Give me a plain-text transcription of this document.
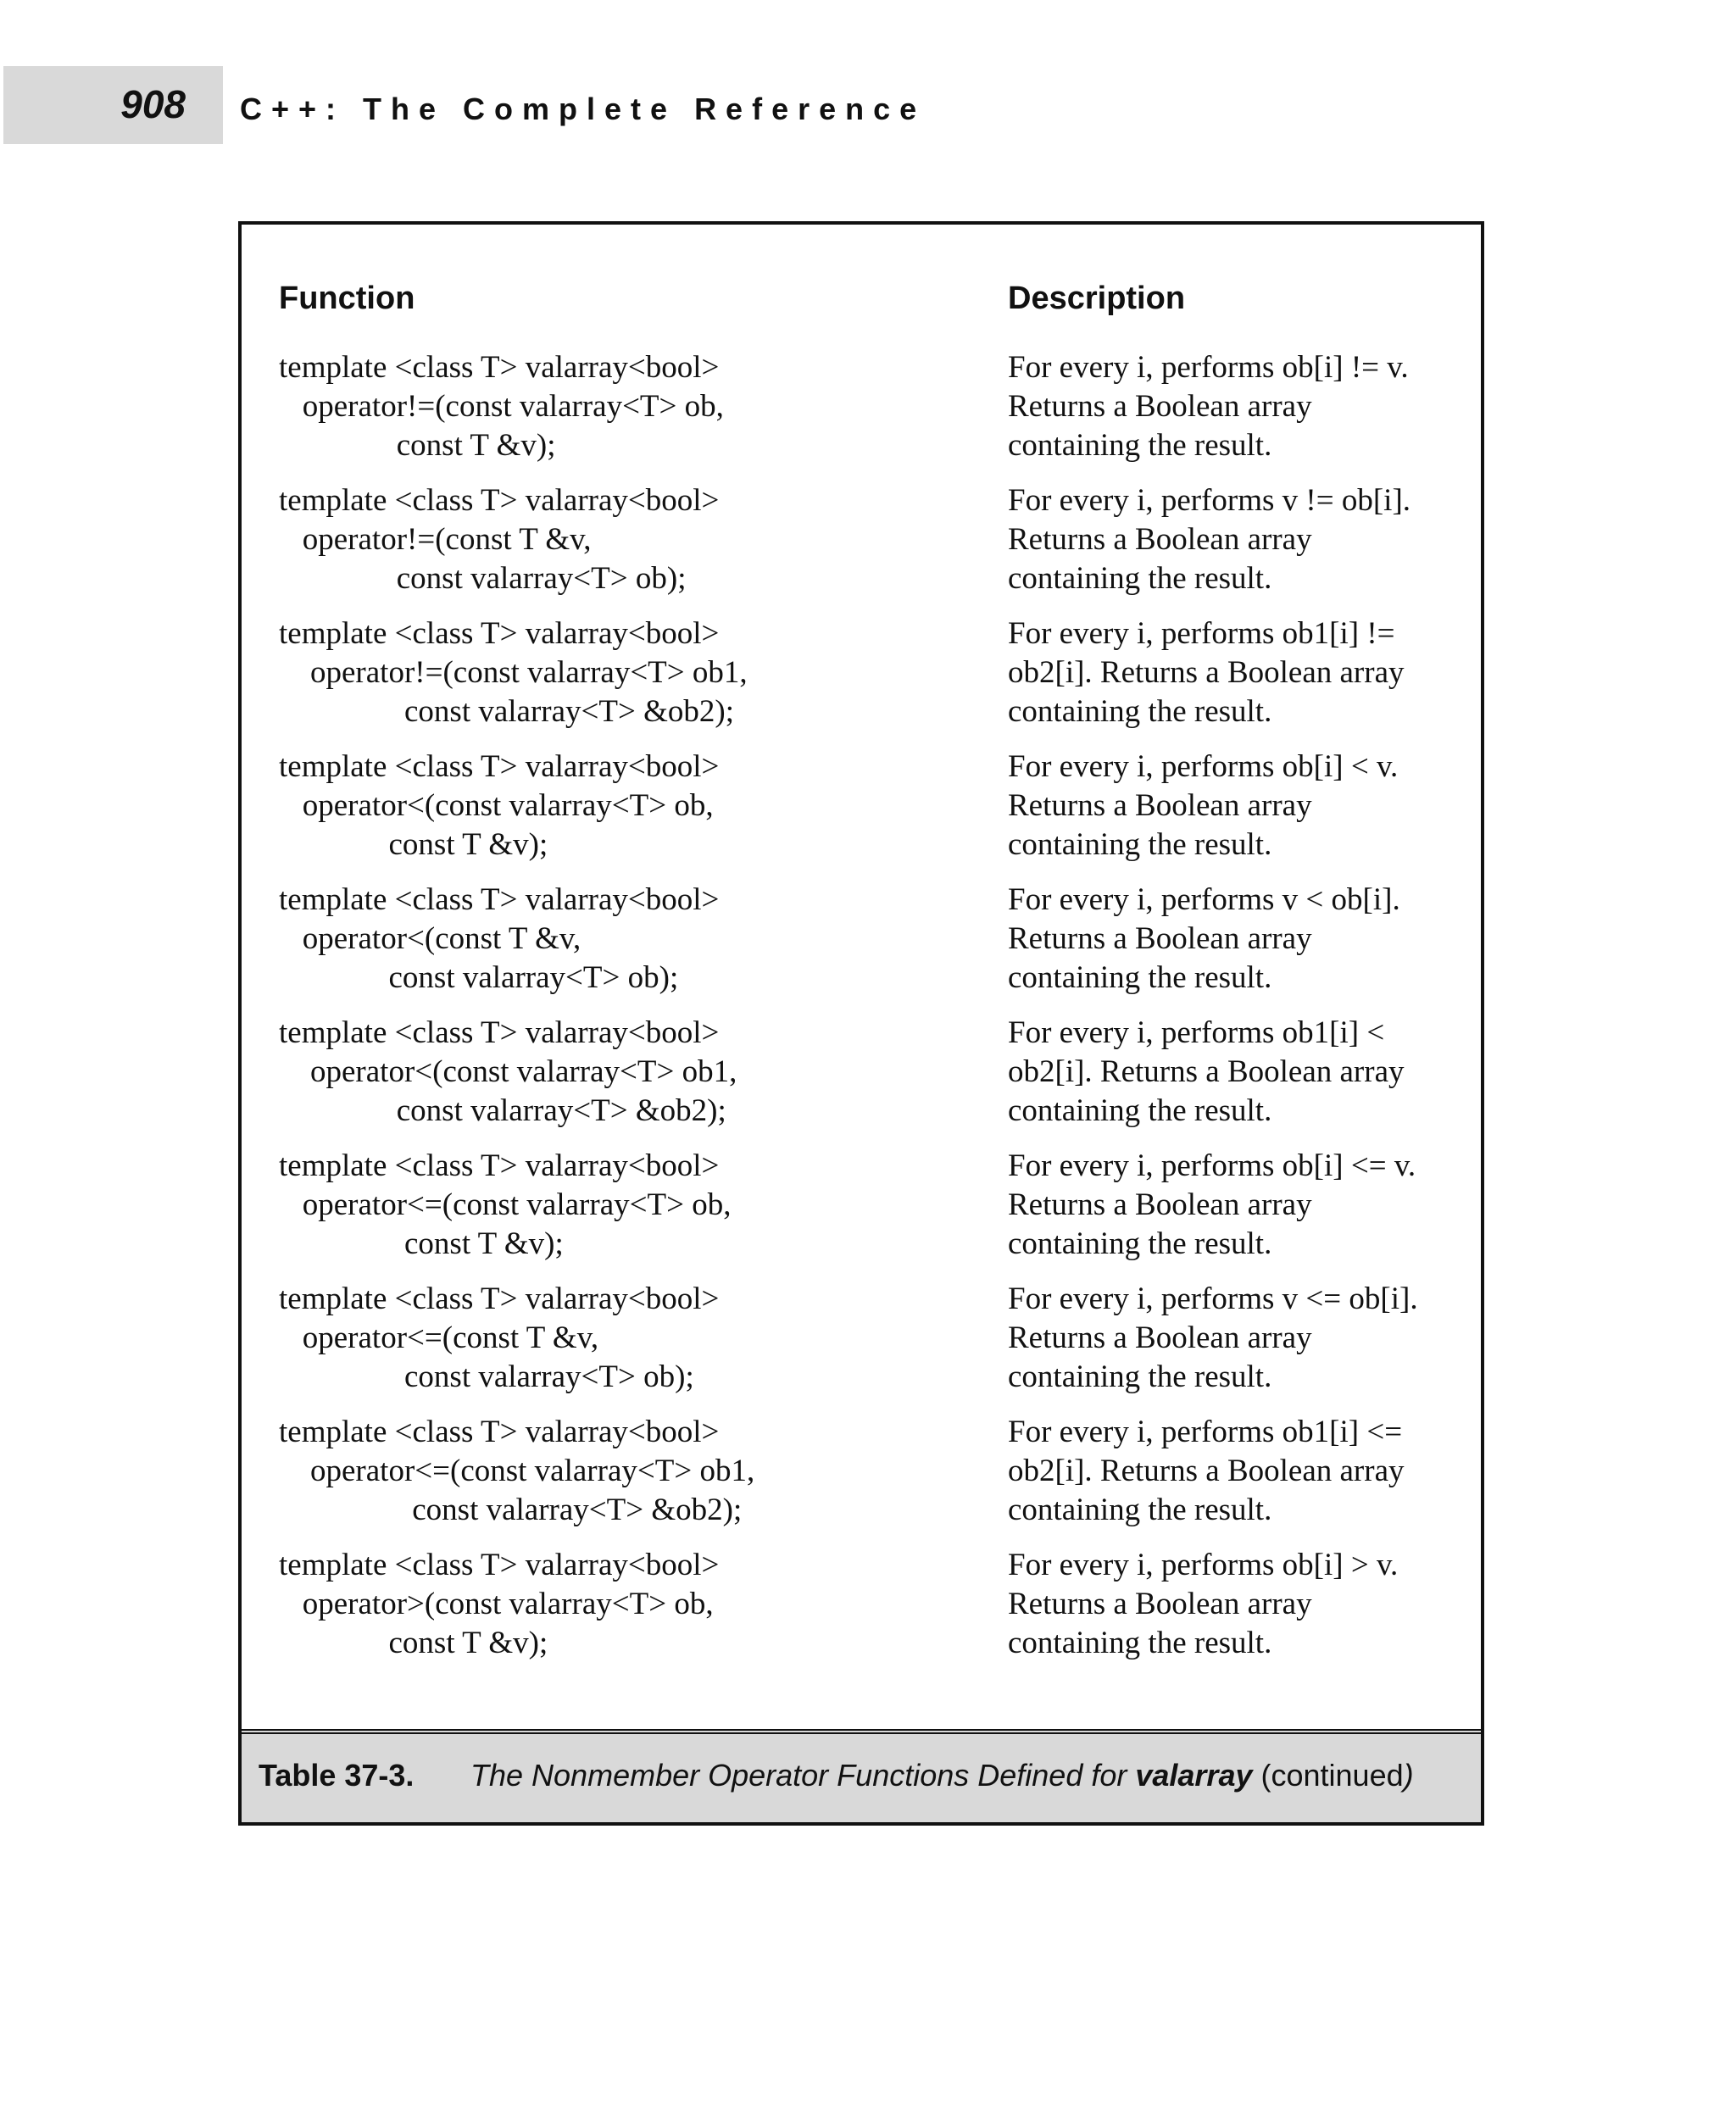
908 C++: The Complete Reference
Function	Description
template <class T> valarray<bool>
operator!=(const valarray<T> ob,
const T &v);
For every i, performs ob[i] != v.
Returns a Boolean array
containing the result.
template <class T> valarray<bool>
operator!=(const T &v,
const valarray<T> ob);
For every i, performs v != ob[i].
Returns a Boolean array
containing the result.
template <class T> valarray<bool>
operator!=(const valarray<T> ob1,
const valarray<T> &ob2);
For every i, performs ob1[i] !=
ob2[i]. Returns a Boolean array
containing the result.
template <class T> valarray<bool>
operator<(const valarray<T> ob,
const T &v);
For every i, performs ob[i] < v.
Returns a Boolean array
containing the result.
template <class T> valarray<bool>
operator<(const T &v,
const valarray<T> ob);
For every i, performs v < ob[i].
Returns a Boolean array
containing the result.
template <class T> valarray<bool>
operator<(const valarray<T> ob1,
const valarray<T> &ob2);
For every i, performs ob1[i] <
ob2[i]. Returns a Boolean array
containing the result.
template <class T> valarray<bool>
operator<=(const valarray<T> ob,
const T &v);
For every i, performs ob[i] <= v.
Returns a Boolean array
containing the result.
template <class T> valarray<bool>
operator<=(const T &v,
const valarray<T> ob);
For every i, performs v <= ob[i].
Returns a Boolean array
containing the result.
template <class T> valarray<bool>
operator<=(const valarray<T> ob1,
const valarray<T> &ob2);
For every i, performs ob1[i] <=
ob2[i]. Returns a Boolean array
containing the result.
template <class T> valarray<bool>
operator>(const valarray<T> ob,
const T &v);
For every i, performs ob[i] > v.
Returns a Boolean array
containing the result.
Table 37-3. The Nonmember Operator Functions Defined for valarray (continued)
